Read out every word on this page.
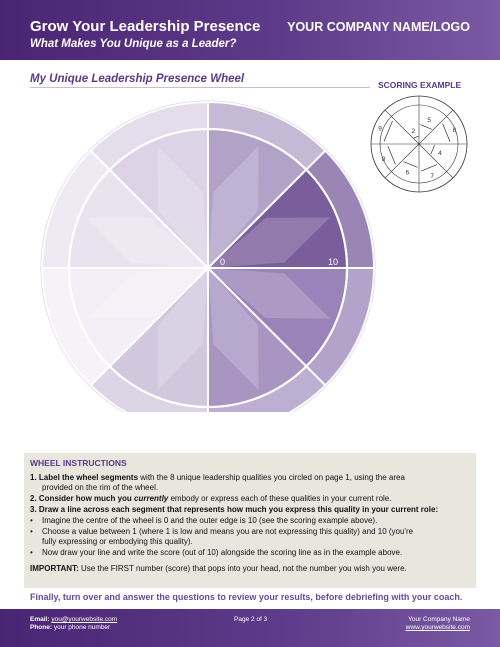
Grow Your Leadership Presence
What Makes You Unique as a Leader?
YOUR COMPANY NAME/LOGO
My Unique Leadership Presence Wheel	SCORING EXAMPLE
0	10
5
8
4
7
6
8
9	2
WHEEL INSTRUCTIONS
1. Label the wheel segments with the 8 unique leadership qualities you circled on page 1, using the area
provided on the rim of the wheel.
2. Consider how much you currently embody or express each of these qualities in your current role.
3. Draw a line across each segment that represents how much you express this quality in your current role:
• Imagine the centre of the wheel is 0 and the outer edge is 10 (see the scoring example above).
• Choose a value between 1 (where 1 is low and means you are not expressing this quality) and 10 (you're
fully expressing or embodying this quality).
• Now draw your line and write the score (out of 10) alongside the scoring line as in the example above.
IMPORTANT: Use the FIRST number (score) that pops into your head, not the number you wish you were.
Finally, turn over and answer the questions to review your results, before debriefing with your coach.
Email: you@yourwebsite.com
Phone: your phone number
Page 2 of 3	Your Company Name
www.yourwebsite.com
